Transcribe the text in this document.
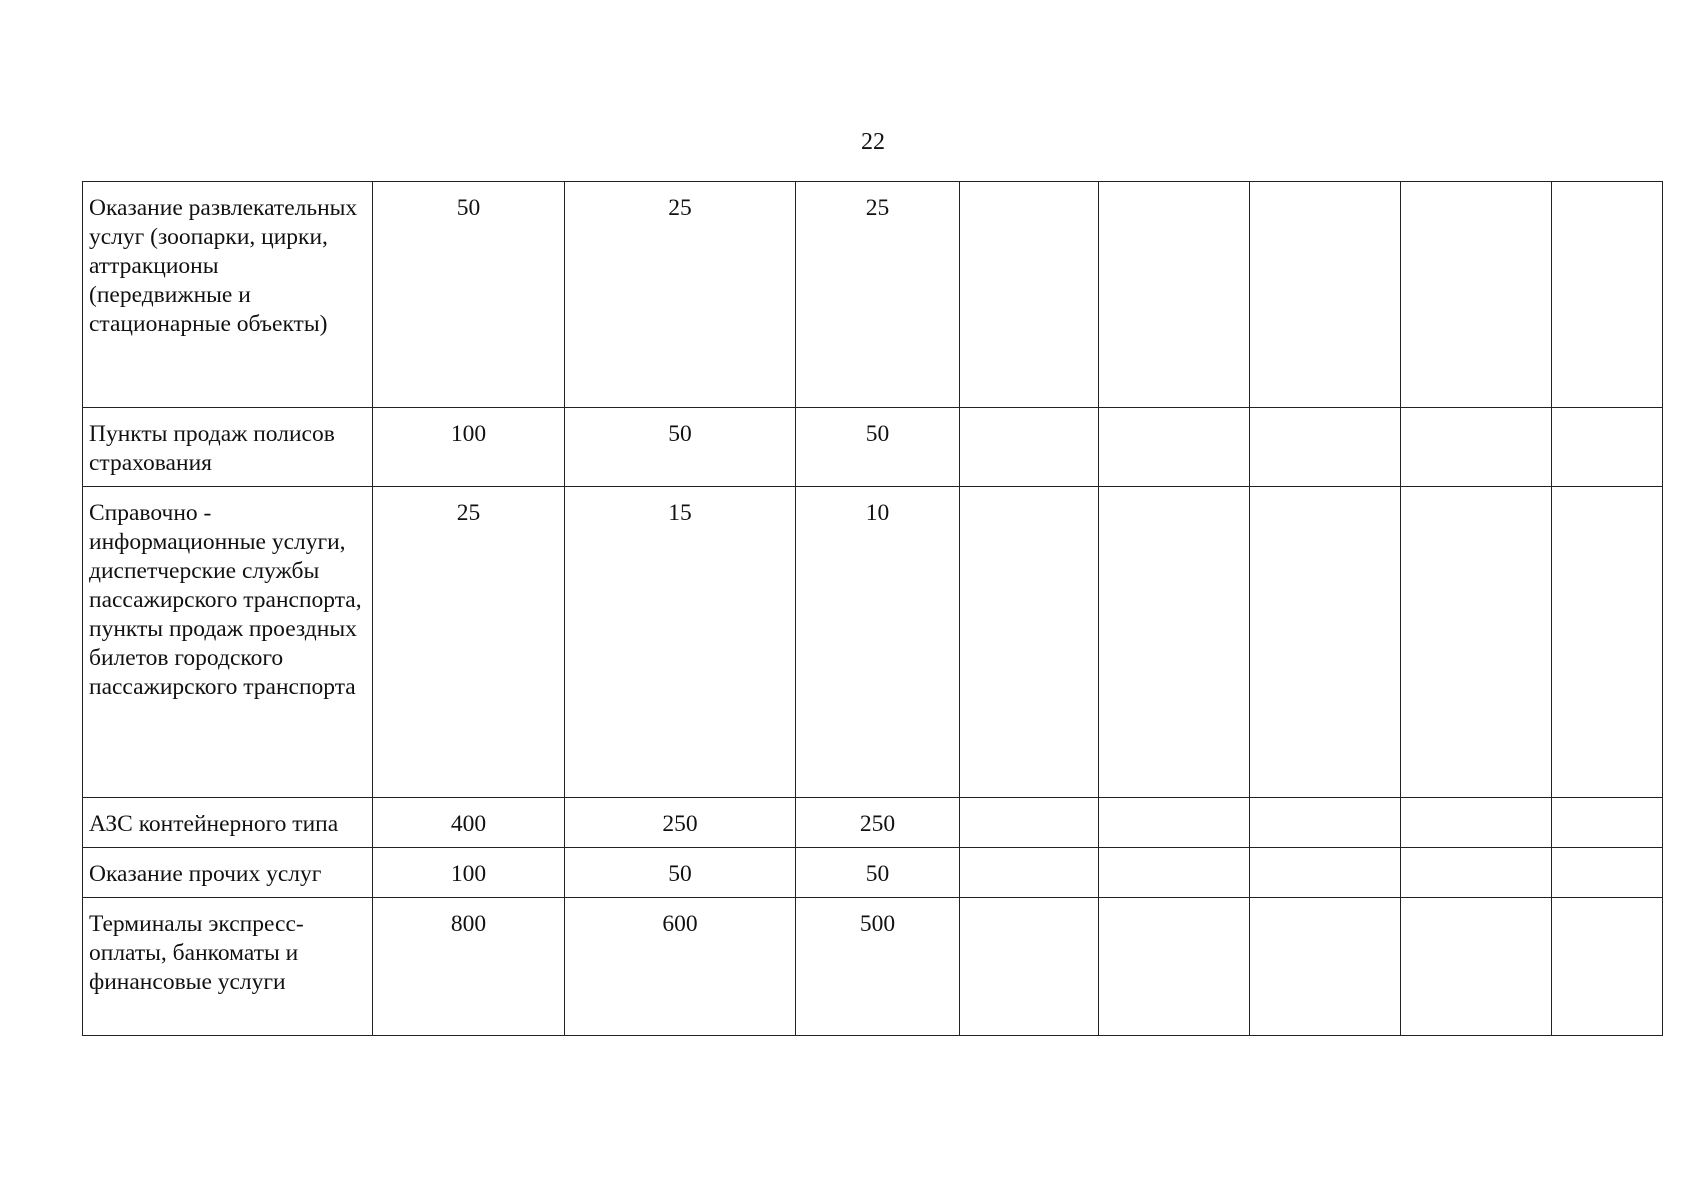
22
Оказание развлекательных услуг (зоопарки, цирки, аттракционы (передвижные и стационарные объекты)	50	25	25					
Пункты продаж полисов страхования	100	50	50					
Справочно - информационные услуги, диспетчерские службы пассажирского транспорта, пункты продаж проездных билетов городского пассажирского транспорта	25	15	10					
АЗС контейнерного типа	400	250	250					
Оказание прочих услуг	100	50	50					
Терминалы экспресс-оплаты, банкоматы и финансовые услуги	800	600	500					
